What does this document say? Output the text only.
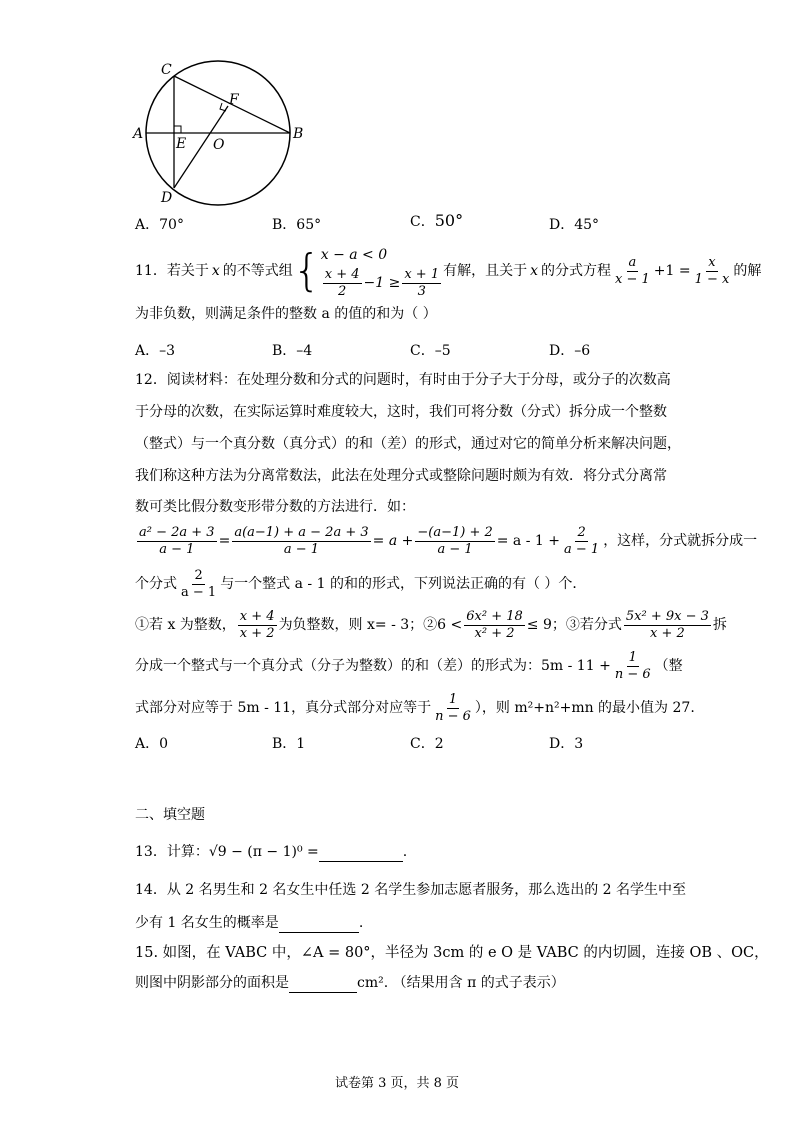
C
A
E O
B
D
F
A．70°	B．65°	C．50°	D．45°
11．若关于 x 的不等式组 { x − a < 0
$\frac{x + 4}{2} -1 \ge \frac{x + 1}{3}$ 有解，且关于 x 的分式方程 $\frac{a}{x - 1} +1 = \frac{x}{1 - x}$ 的解
为非负数，则满足条件的整数 a 的值的和为（ ）
A．–3	B．–4	C．–5	D．–6
12．阅读材料：在处理分数和分式的问题时，有时由于分子大于分母，或分子的次数高
于分母的次数，在实际运算时难度较大，这时，我们可将分数（分式）拆分成一个整数
（整式）与一个真分数（真分式）的和（差）的形式，通过对它的简单分析来解决问题，
我们称这种方法为分离常数法，此法在处理分式或整除问题时颇为有效．将分式分离常
数可类比假分数变形带分数的方法进行．如：
$\frac{\text{a² − 2a + 3}}{a - 1} = \frac{a(a-1) + a - 2a + 3}{a - 1} = a + \frac{-(a-1) + 2}{a - 1} = a - 1 + \frac{2}{a - 1}$ ，这样，分式就拆分成一
个分式 $\frac{2}{a - 1}$ 与一个整式 a - 1 的和的形式，下列说法正确的有（ ）个．
①若 x 为整数， $\frac{x + 4}{x + 2}$ 为负整数，则 x= - 3；②6 < $\frac{\text{6x² + 18}}{\text{x² + 2}} \le 9$；③若分式 $\frac{\text{5x² + 9x − 3}}{x + 2}$ 拆
分成一个整式与一个真分式（分子为整数）的和（差）的形式为：$5m - 11 + \frac{1}{n - 6}$ （整
式部分对应等于 5m - 11，真分式部分对应等于 $\frac{1}{n - 6}$ ），则 m²+n²+mn 的最小值为 27.
A．0	B．1	C．2	D．3
二、填空题
13．计算：√9 − (π − 1)⁰ =	.
14．从 2 名男生和 2 名女生中任选 2 名学生参加志愿者服务，那么选出的 2 名学生中至
少有 1 名女生的概率是	.
15. 如图，在 VABC 中，∠A = 80°，半径为 3cm 的 e O 是 VABC 的内切圆，连接 OB 、OC，
则图中阴影部分的面积是	cm². （结果用含 π 的式子表示）
试卷第 3 页，共 8 页
